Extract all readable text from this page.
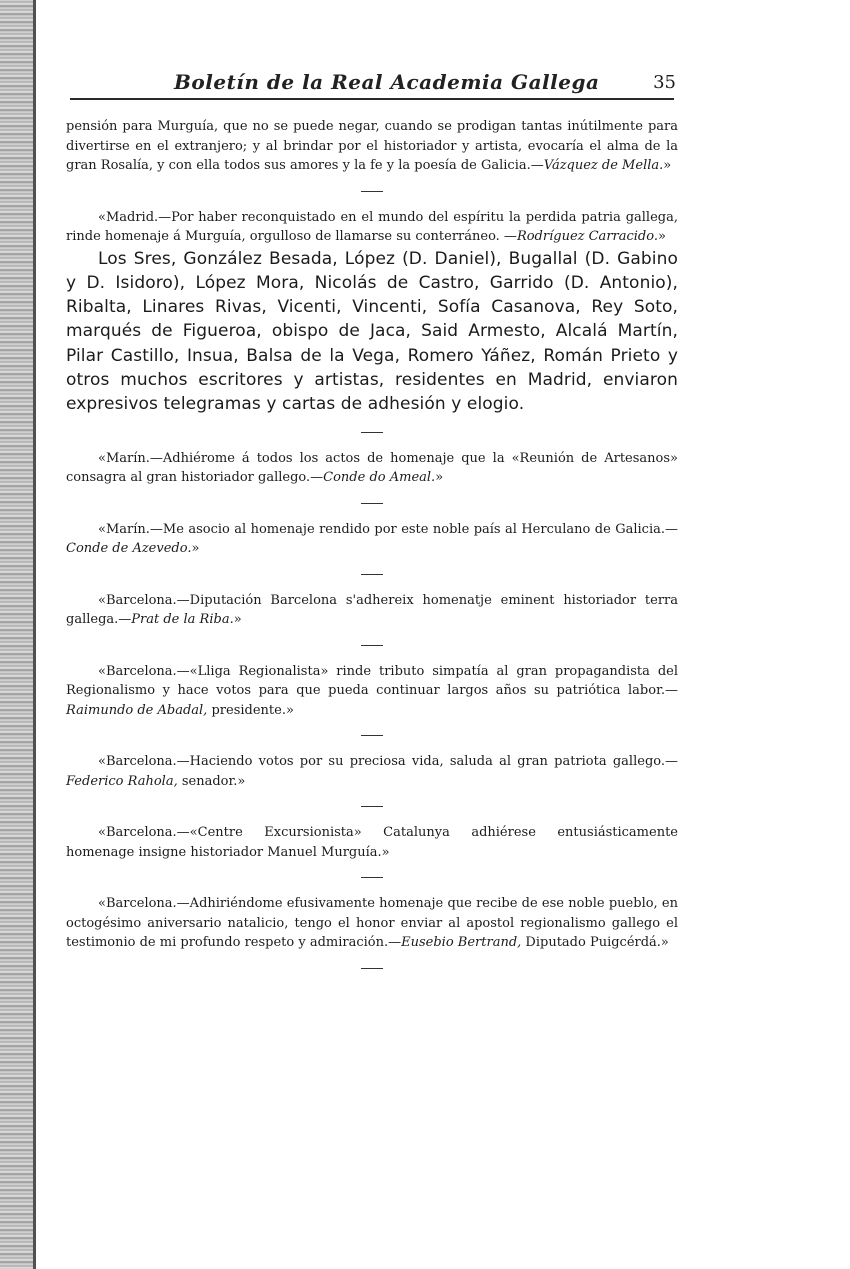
Boletín de la Real Academia Gallega	35

pensión para Murguía, que no se puede negar, cuando se prodigan tantas inútilmente para divertirse en el extranjero; y al brindar por el historiador y artista, evocaría el alma de la gran Rosalía, y con ella todos sus amores y la fe y la poesía de Galicia.—Vázquez de Mella.»

«Madrid.—Por haber reconquistado en el mundo del espíritu la perdida patria gallega, rinde homenaje á Murguía, orgulloso de llamarse su conterráneo. —Rodríguez Carracido.»

Los Sres, González Besada, López (D. Daniel), Bugallal (D. Gabino y D. Isidoro), López Mora, Nicolás de Castro, Garrido (D. Antonio), Ribalta, Linares Rivas, Vicenti, Vincenti, Sofía Casanova, Rey Soto, marqués de Figueroa, obispo de Jaca, Said Armesto, Alcalá Martín, Pilar Castillo, Insua, Balsa de la Vega, Romero Yáñez, Román Prieto y otros muchos escritores y artistas, residentes en Madrid, enviaron expresivos telegramas y cartas de adhesión y elogio.

«Marín.—Adhiérome á todos los actos de homenaje que la «Reunión de Artesanos» consagra al gran historiador gallego.—Conde do Ameal.»

«Marín.—Me asocio al homenaje rendido por este noble país al Herculano de Galicia.—Conde de Azevedo.»

«Barcelona.—Diputación Barcelona s'adhereix homenatje eminent historiador terra gallega.—Prat de la Riba.»

«Barcelona.—«Lliga Regionalista» rinde tributo simpatía al gran propagandista del Regionalismo y hace votos para que pueda continuar largos años su patriótica labor.—Raimundo de Abadal, presidente.»

«Barcelona.—Haciendo votos por su preciosa vida, saluda al gran patriota gallego.—Federico Rahola, senador.»

«Barcelona.—«Centre Excursionista» Catalunya adhiérese entusiásticamente homenage insigne historiador Manuel Murguía.»

«Barcelona.—Adhiriéndome efusivamente homenaje que recibe de ese noble pueblo, en octogésimo aniversario natalicio, tengo el honor enviar al apostol regionalismo gallego el testimonio de mi profundo respeto y admiración.—Eusebio Bertrand, Diputado Puigcérdá.»
